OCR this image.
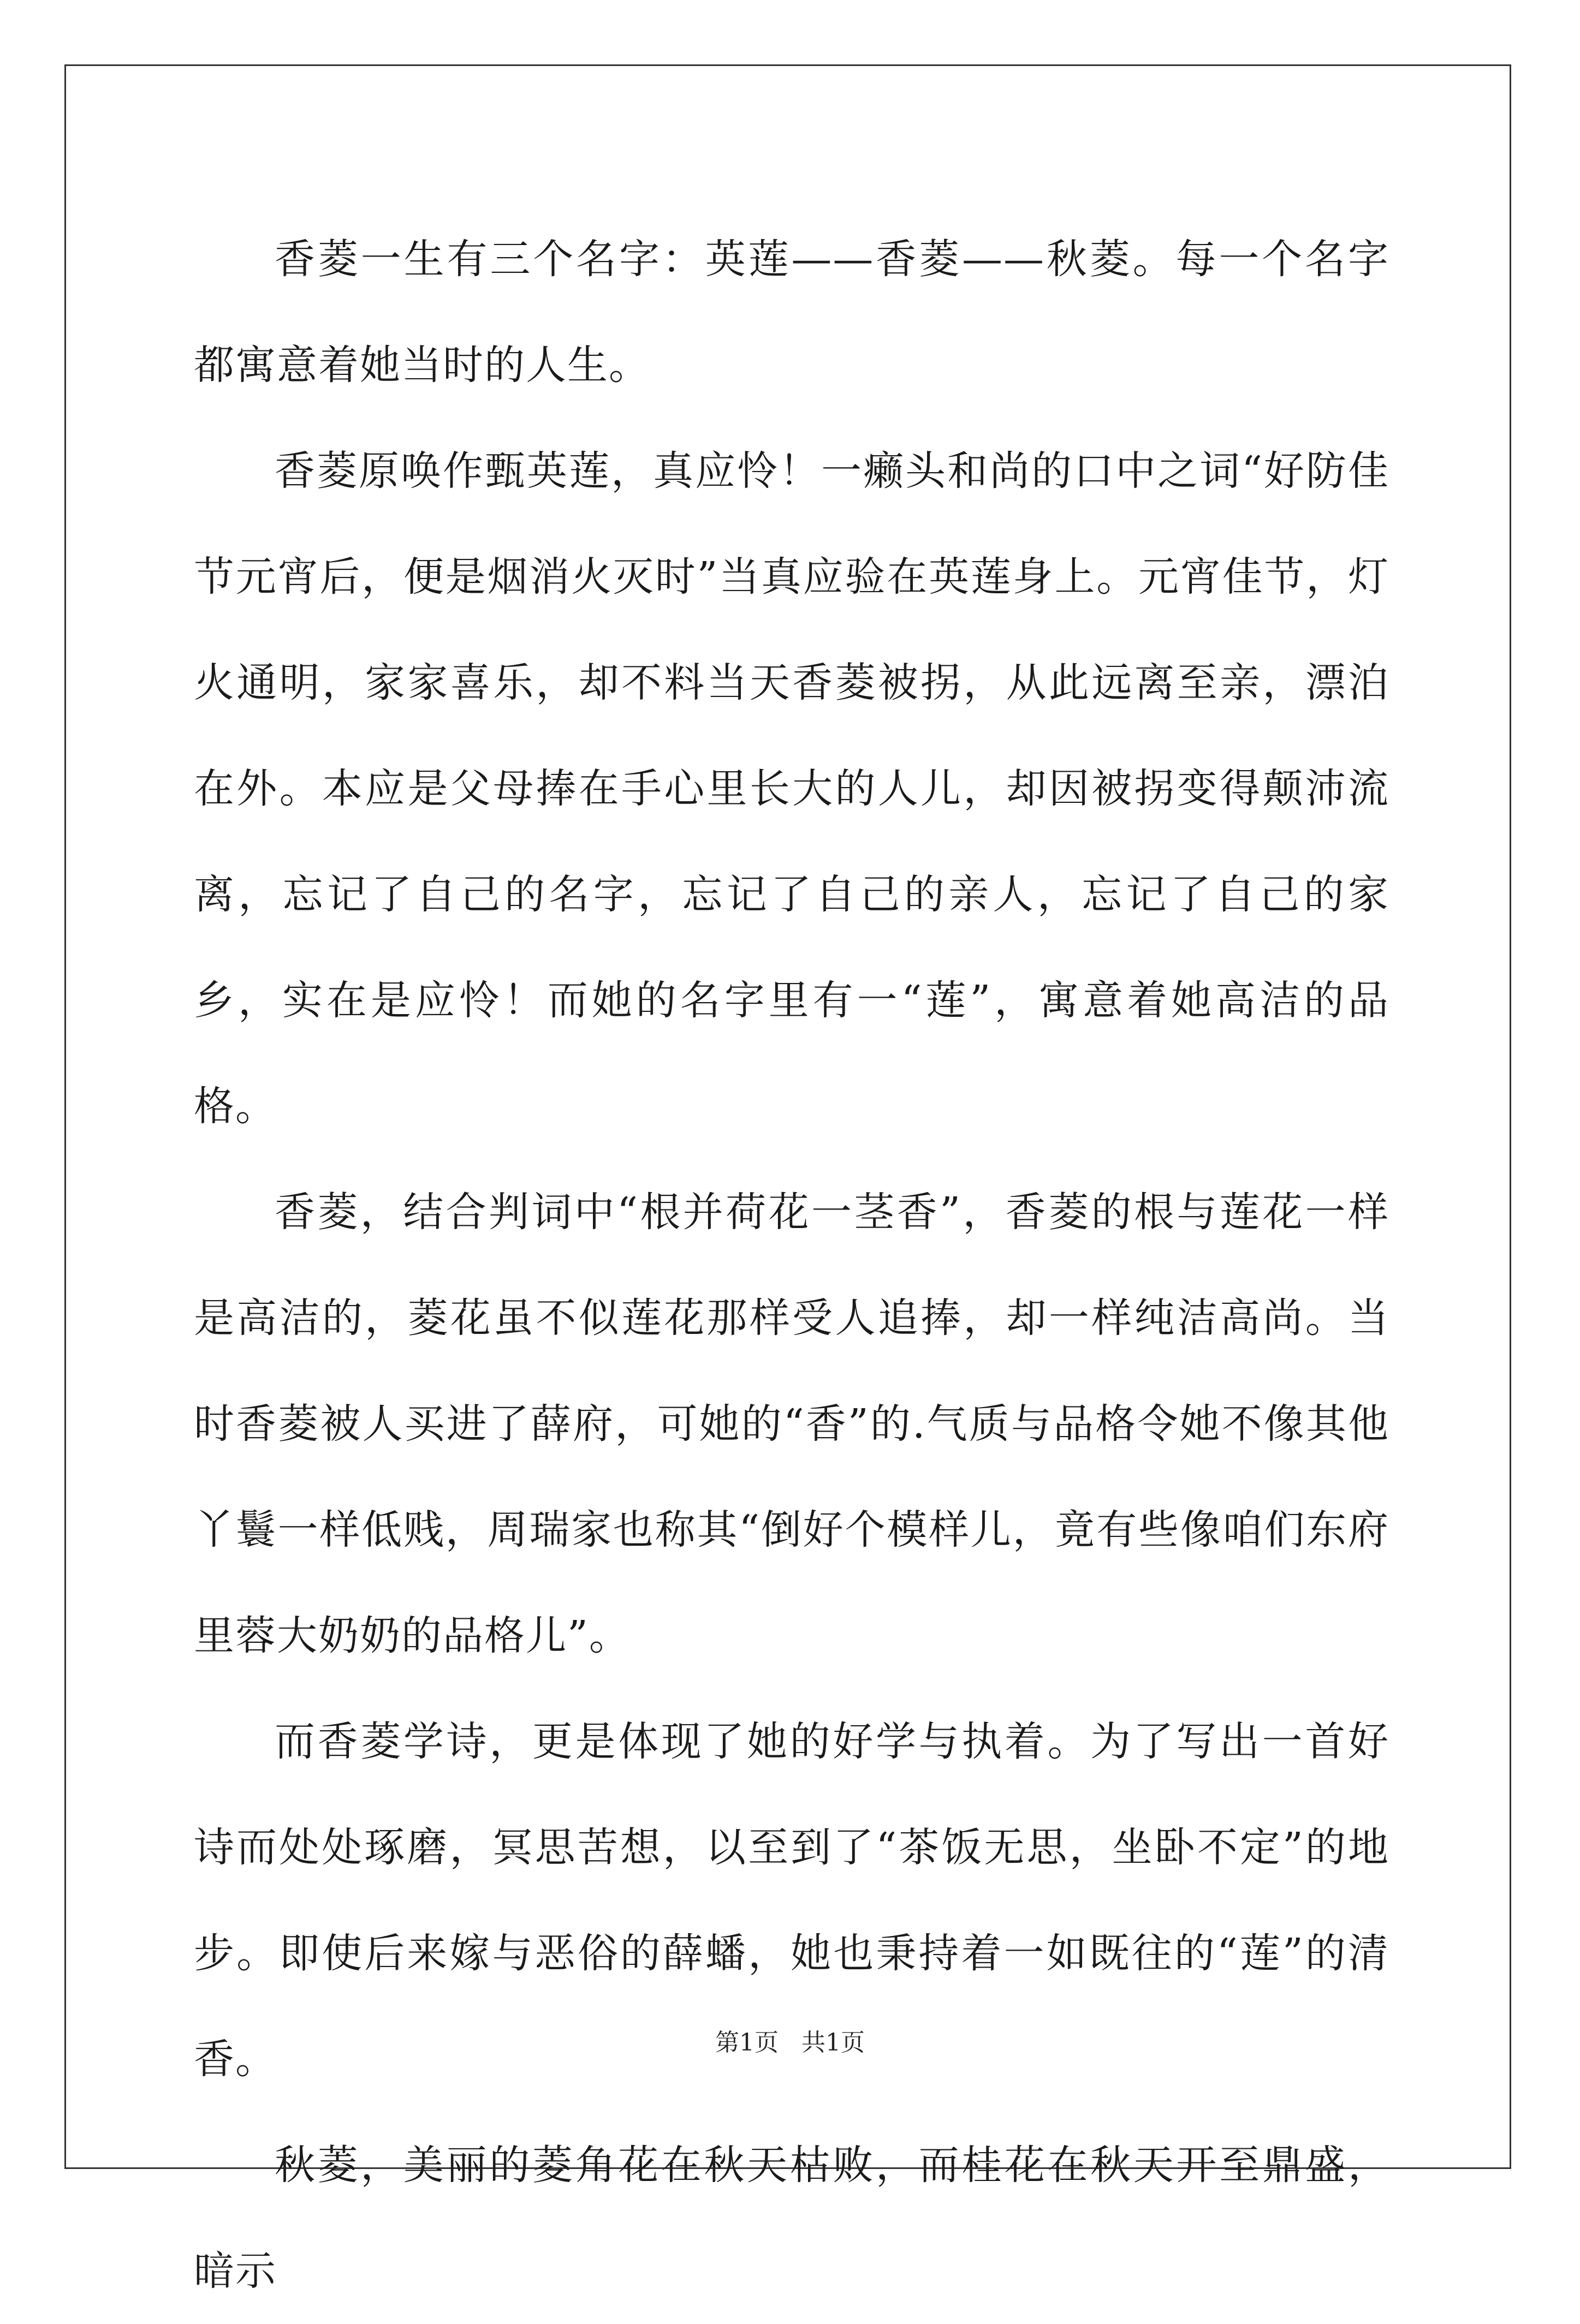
香菱一生有三个名字：英莲——香菱——秋菱。每一个名字都寓意着她当时的人生。

香菱原唤作甄英莲，真应怜！一癞头和尚的口中之词“好防佳节元宵后，便是烟消火灭时”当真应验在英莲身上。元宵佳节，灯火通明，家家喜乐，却不料当天香菱被拐，从此远离至亲，漂泊在外。本应是父母捧在手心里长大的人儿，却因被拐变得颠沛流离，忘记了自己的名字，忘记了自己的亲人，忘记了自己的家乡，实在是应怜！而她的名字里有一“莲”，寓意着她高洁的品格。

香菱，结合判词中“根并荷花一茎香”，香菱的根与莲花一样是高洁的，菱花虽不似莲花那样受人追捧，却一样纯洁高尚。当时香菱被人买进了薛府，可她的“香”的.气质与品格令她不像其他丫鬟一样低贱，周瑞家也称其“倒好个模样儿，竟有些像咱们东府里蓉大奶奶的品格儿”。

而香菱学诗，更是体现了她的好学与执着。为了写出一首好诗而处处琢磨，冥思苦想，以至到了“茶饭无思，坐卧不定”的地步。即使后来嫁与恶俗的薛蟠，她也秉持着一如既往的“莲”的清香。

秋菱，美丽的菱角花在秋天枯败，而桂花在秋天开至鼎盛，暗示

第1页   共1页
